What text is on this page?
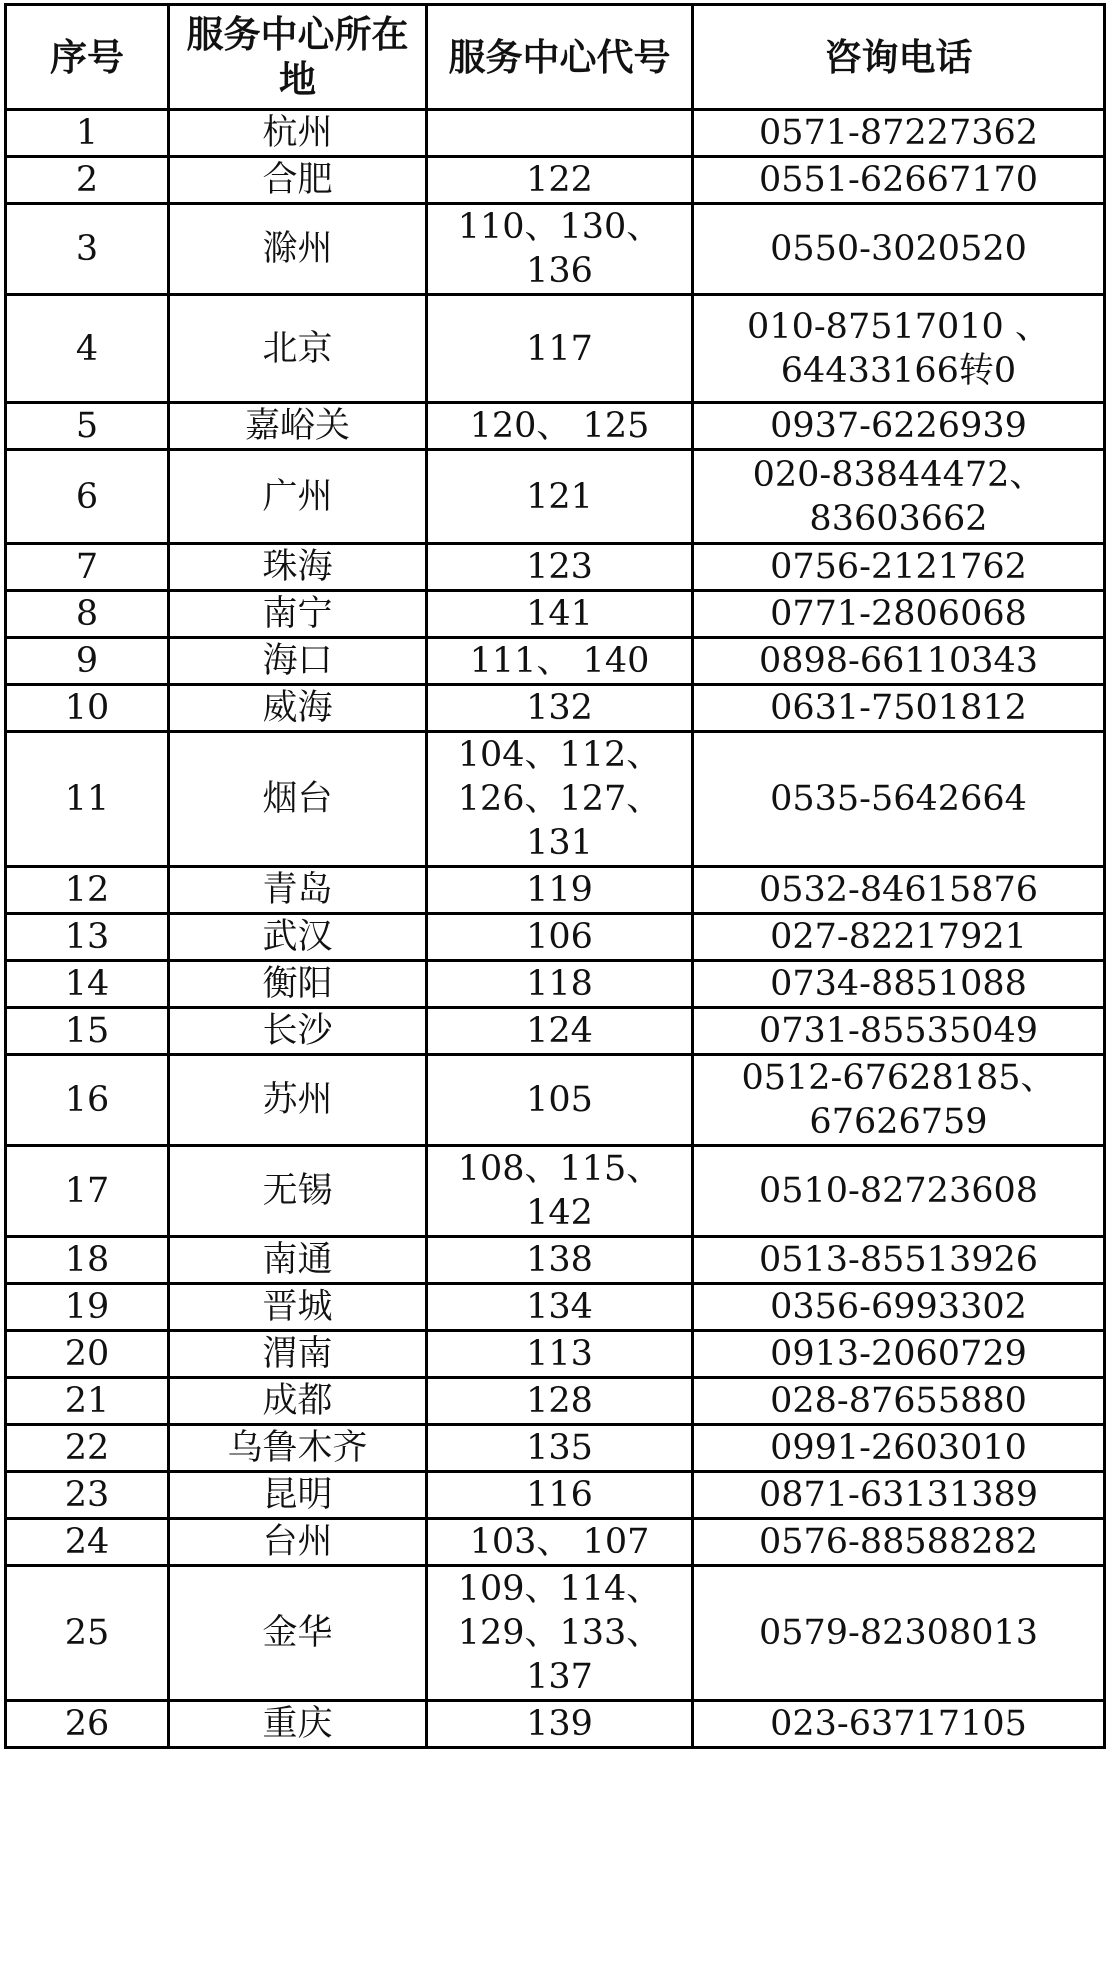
序号	服务中心所在地	服务中心代号	咨询电话

1	杭州		0571-87227362

2	合肥	122	0551-62667170

3	滁州	110、130、
136	0550-3020520

4	北京	117	010-87517010 、
64433166转0

5	嘉峪关	120、 125	0937-6226939

6	广州	121	020-83844472、
83603662

7	珠海	123	0756-2121762

8	南宁	141	0771-2806068

9	海口	111、 140	0898-66110343

10	威海	132	0631-7501812

11	烟台	104、112、
126、127、
131	0535-5642664

12	青岛	119	0532-84615876

13	武汉	106	027-82217921

14	衡阳	118	0734-8851088

15	长沙	124	0731-85535049

16	苏州	105	0512-67628185、
67626759

17	无锡	108、115、
142	0510-82723608

18	南通	138	0513-85513926

19	晋城	134	0356-6993302

20	渭南	113	0913-2060729

21	成都	128	028-87655880

22	乌鲁木齐	135	0991-2603010

23	昆明	116	0871-63131389

24	台州	103、 107	0576-88588282

25	金华	109、114、
129、133、
137	0579-82308013

26	重庆	139	023-63717105
